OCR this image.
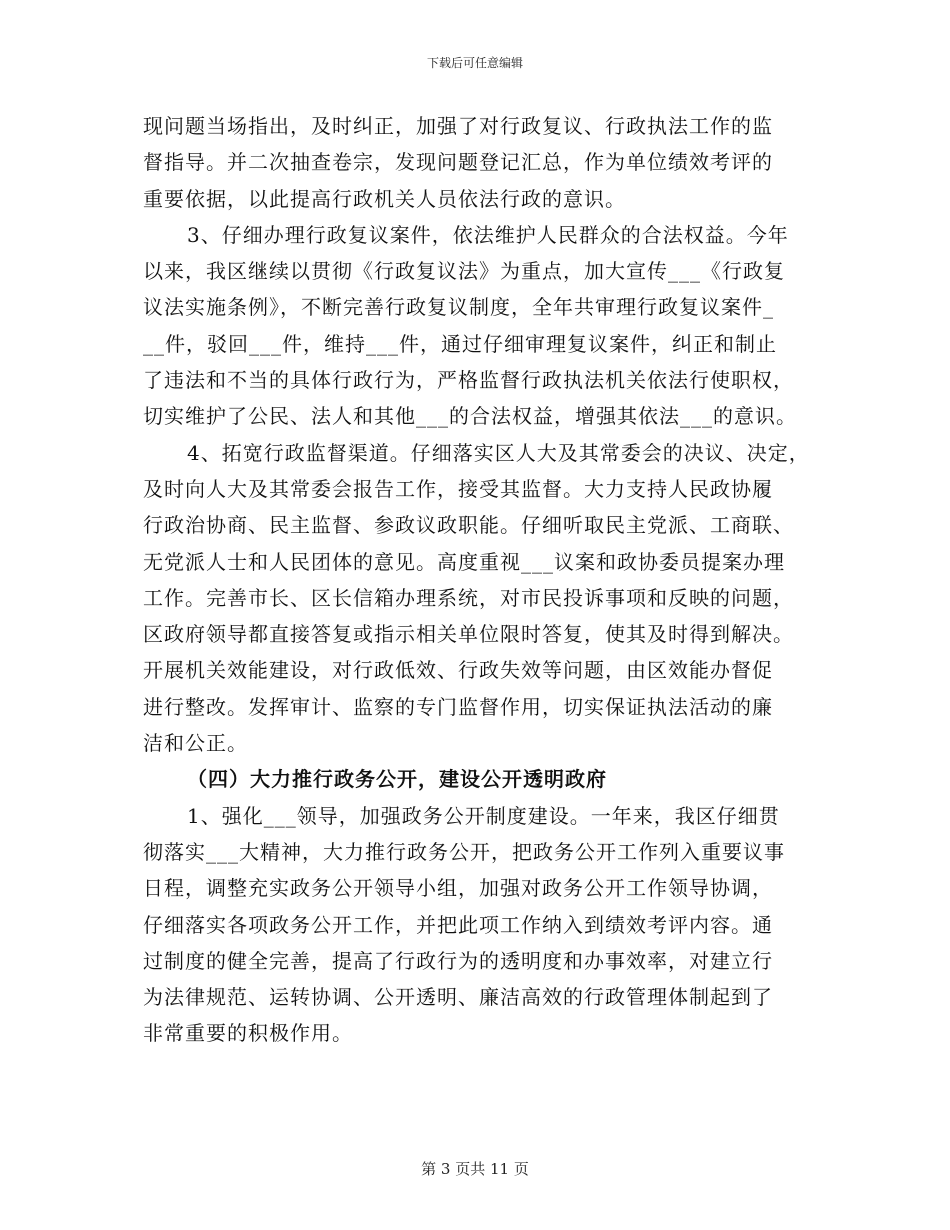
下载后可任意编辑
现问题当场指出，及时纠正，加强了对行政复议、行政执法工作的监
督指导。并二次抽查卷宗，发现问题登记汇总，作为单位绩效考评的
重要依据，以此提高行政机关人员依法行政的意识。
3、仔细办理行政复议案件，依法维护人民群众的合法权益。今年
以来，我区继续以贯彻《行政复议法》为重点，加大宣传___《行政复
议法实施条例》，不断完善行政复议制度，全年共审理行政复议案件_
__件，驳回___件，维持___件，通过仔细审理复议案件，纠正和制止
了违法和不当的具体行政行为，严格监督行政执法机关依法行使职权，
切实维护了公民、法人和其他___的合法权益，增强其依法___的意识。
4、拓宽行政监督渠道。仔细落实区人大及其常委会的决议、决定，
及时向人大及其常委会报告工作，接受其监督。大力支持人民政协履
行政治协商、民主监督、参政议政职能。仔细听取民主党派、工商联、
无党派人士和人民团体的意见。高度重视___议案和政协委员提案办理
工作。完善市长、区长信箱办理系统，对市民投诉事项和反映的问题，
区政府领导都直接答复或指示相关单位限时答复，使其及时得到解决。
开展机关效能建设，对行政低效、行政失效等问题，由区效能办督促
进行整改。发挥审计、监察的专门监督作用，切实保证执法活动的廉
洁和公正。
（四）大力推行政务公开，建设公开透明政府
1、强化___领导，加强政务公开制度建设。一年来，我区仔细贯
彻落实___大精神，大力推行政务公开，把政务公开工作列入重要议事
日程，调整充实政务公开领导小组，加强对政务公开工作领导协调，
仔细落实各项政务公开工作，并把此项工作纳入到绩效考评内容。通
过制度的健全完善，提高了行政行为的透明度和办事效率，对建立行
为法律规范、运转协调、公开透明、廉洁高效的行政管理体制起到了
非常重要的积极作用。
第 3 页共 11 页
